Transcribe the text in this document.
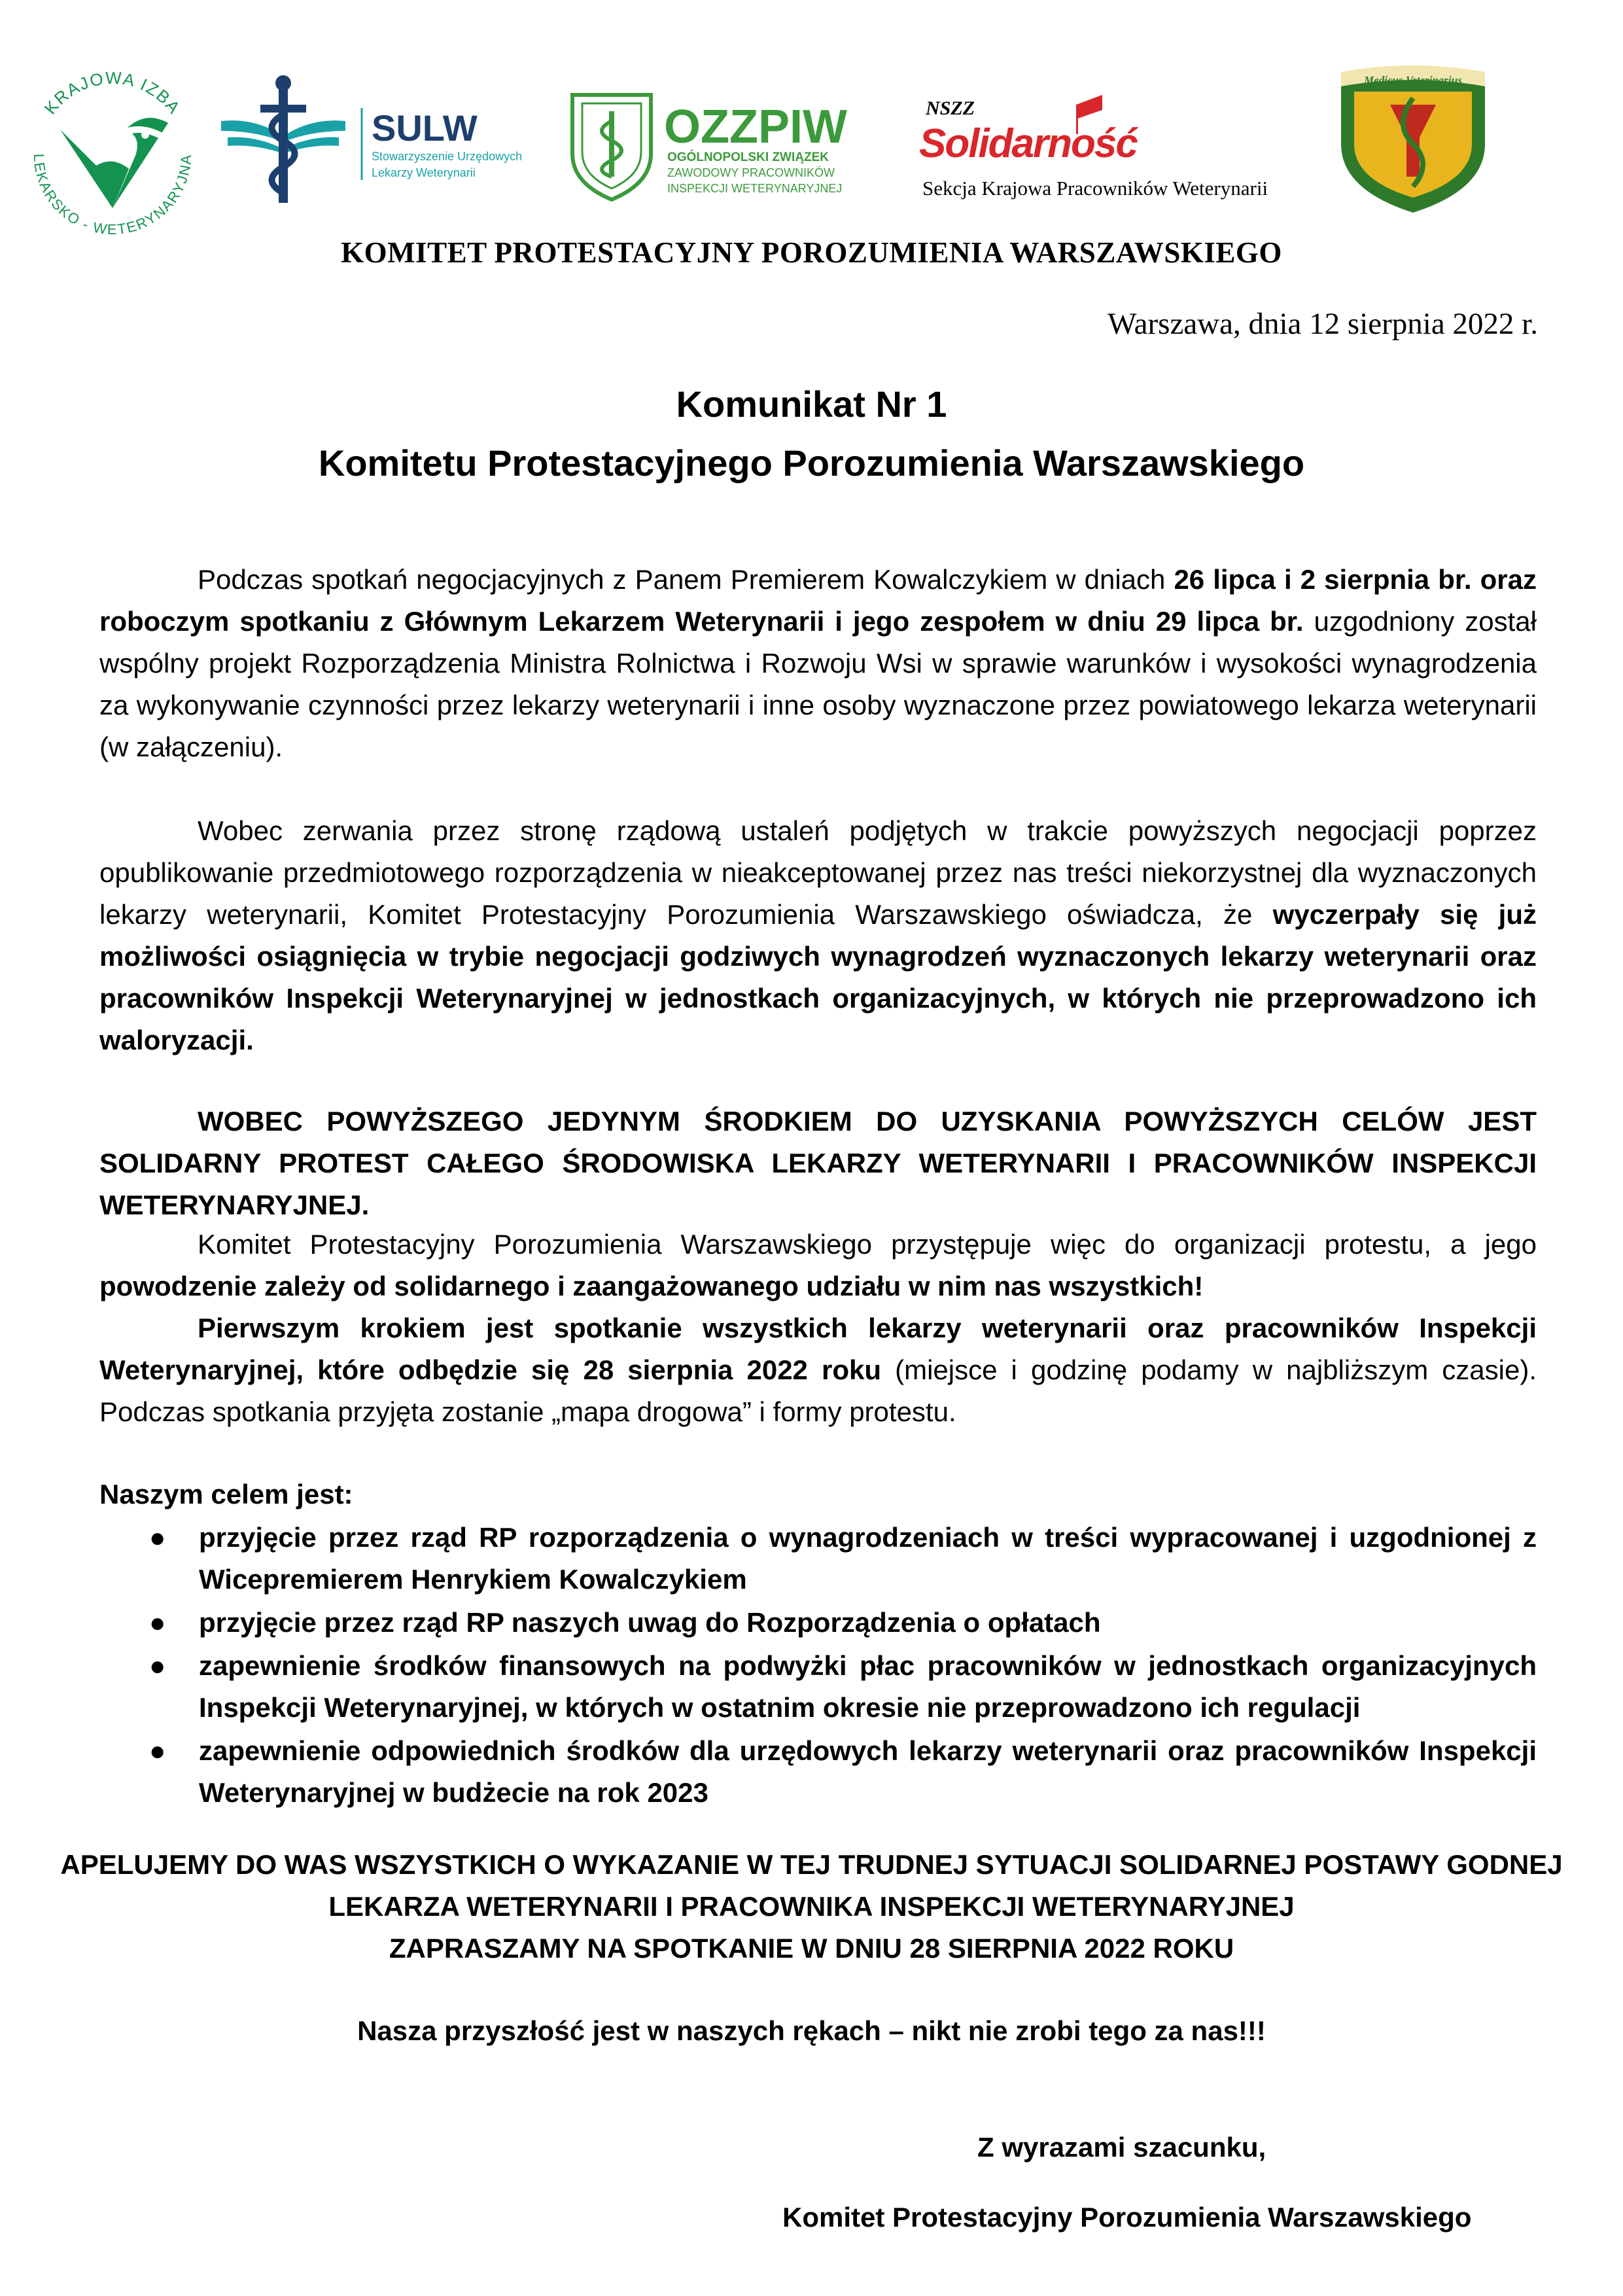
KRAJOWA IZBA
LEKARSKO - WETERYNARYJNA
SULW
Stowarzyszenie Urzędowych
Lekarzy Weterynarii
OZZPIW
OGÓLNOPOLSKI ZWIĄZEK
ZAWODOWY PRACOWNIKÓW
INSPEKCJI WETERYNARYJNEJ
NSZZ
Solidarność
Sekcja Krajowa Pracowników Weterynarii
Medicus Veterinarius
KOMITET PROTESTACYJNY POROZUMIENIA WARSZAWSKIEGO
Warszawa, dnia 12 sierpnia 2022 r.
Komunikat Nr 1
Komitetu Protestacyjnego Porozumienia Warszawskiego
Podczas spotkań negocjacyjnych z Panem Premierem Kowalczykiem w dniach 26 lipca i 2 sierpnia br. oraz roboczym spotkaniu z Głównym Lekarzem Weterynarii i jego zespołem w dniu 29 lipca br. uzgodniony został wspólny projekt Rozporządzenia Ministra Rolnictwa i Rozwoju Wsi w sprawie warunków i wysokości wynagrodzenia za wykonywanie czynności przez lekarzy weterynarii i inne osoby wyznaczone przez powiatowego lekarza weterynarii (w załączeniu).
Wobec zerwania przez stronę rządową ustaleń podjętych w trakcie powyższych negocjacji poprzez opublikowanie przedmiotowego rozporządzenia w nieakceptowanej przez nas treści niekorzystnej dla wyznaczonych lekarzy weterynarii, Komitet Protestacyjny Porozumienia Warszawskiego oświadcza, że wyczerpały się już możliwości osiągnięcia w trybie negocjacji godziwych wynagrodzeń wyznaczonych lekarzy weterynarii oraz pracowników Inspekcji Weterynaryjnej w jednostkach organizacyjnych, w których nie przeprowadzono ich waloryzacji.
WOBEC POWYŻSZEGO JEDYNYM ŚRODKIEM DO UZYSKANIA POWYŻSZYCH CELÓW JEST SOLIDARNY PROTEST CAŁEGO ŚRODOWISKA LEKARZY WETERYNARII I PRACOWNIKÓW INSPEKCJI WETERYNARYJNEJ.
Komitet Protestacyjny Porozumienia Warszawskiego przystępuje więc do organizacji protestu, a jego powodzenie zależy od solidarnego i zaangażowanego udziału w nim nas wszystkich!
Pierwszym krokiem jest spotkanie wszystkich lekarzy weterynarii oraz pracowników Inspekcji Weterynaryjnej, które odbędzie się 28 sierpnia 2022 roku (miejsce i godzinę podamy w najbliższym czasie). Podczas spotkania przyjęta zostanie „mapa drogowa” i formy protestu.
Naszym celem jest:
● przyjęcie przez rząd RP rozporządzenia o wynagrodzeniach w treści wypracowanej i uzgodnionej z Wicepremierem Henrykiem Kowalczykiem
● przyjęcie przez rząd RP naszych uwag do Rozporządzenia o opłatach
● zapewnienie środków finansowych na podwyżki płac pracowników w jednostkach organizacyjnych Inspekcji Weterynaryjnej, w których w ostatnim okresie nie przeprowadzono ich regulacji
● zapewnienie odpowiednich środków dla urzędowych lekarzy weterynarii oraz pracowników Inspekcji Weterynaryjnej w budżecie na rok 2023
APELUJEMY DO WAS WSZYSTKICH O WYKAZANIE W TEJ TRUDNEJ SYTUACJI SOLIDARNEJ POSTAWY GODNEJ
LEKARZA WETERYNARII I PRACOWNIKA INSPEKCJI WETERYNARYJNEJ
ZAPRASZAMY NA SPOTKANIE W DNIU 28 SIERPNIA 2022 ROKU
Nasza przyszłość jest w naszych rękach – nikt nie zrobi tego za nas!!!
Z wyrazami szacunku,
Komitet Protestacyjny Porozumienia Warszawskiego
